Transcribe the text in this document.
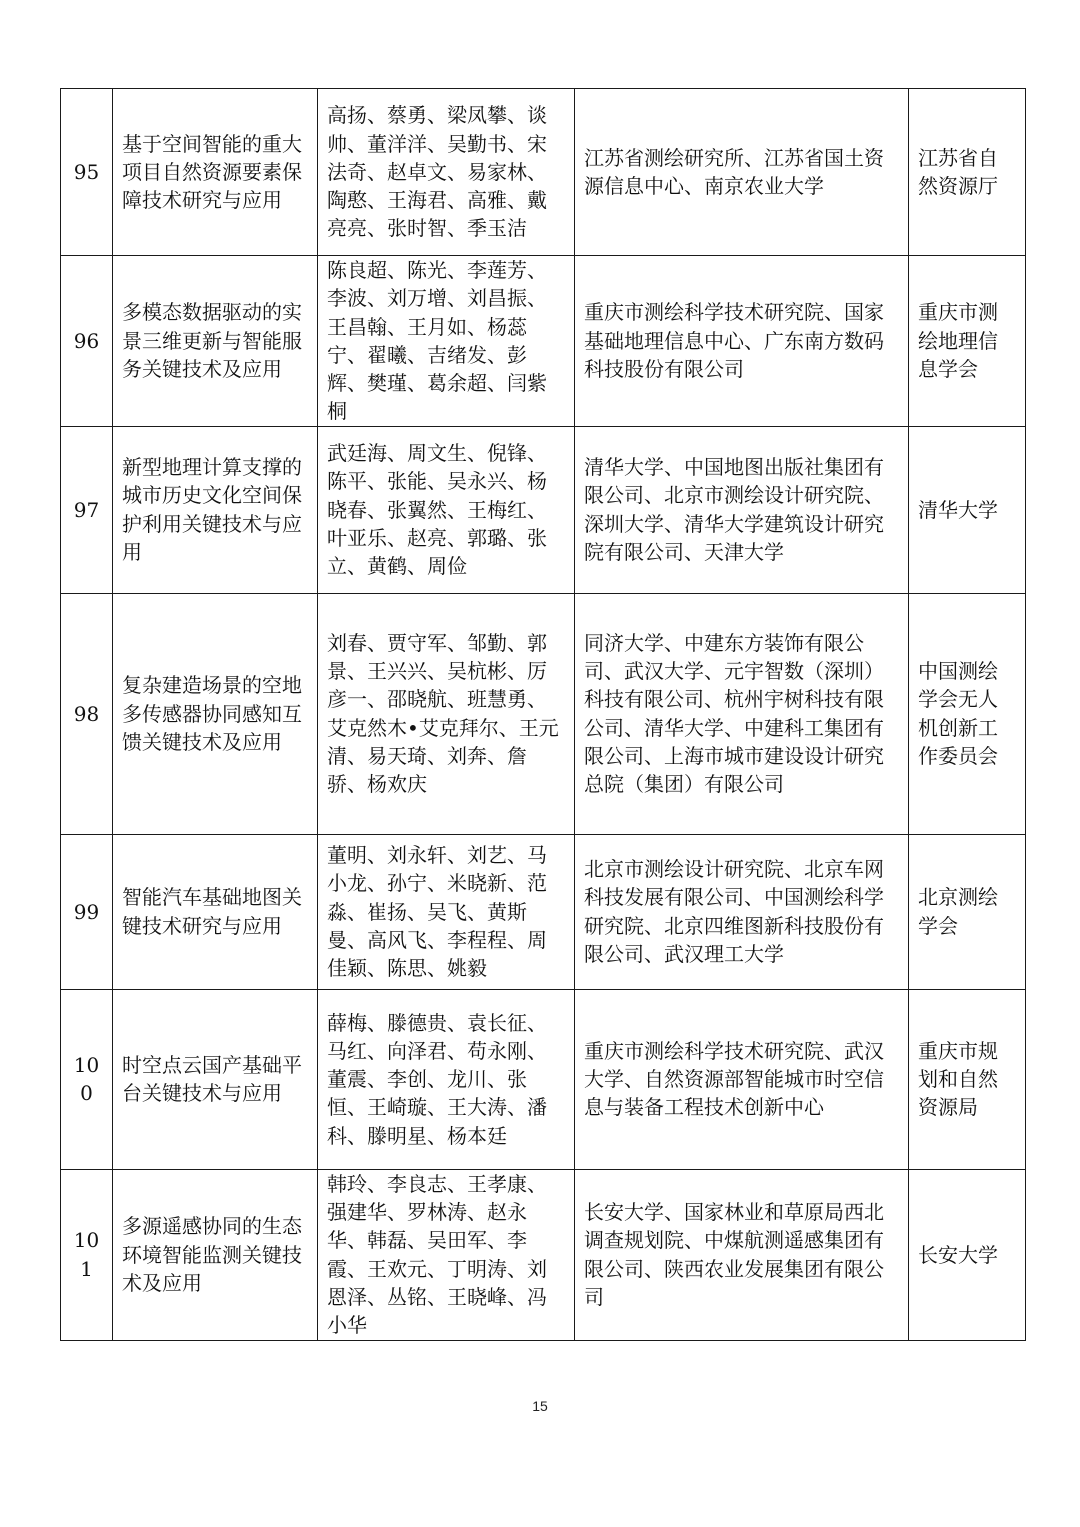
95	基于空间智能的重大项目自然资源要素保障技术研究与应用	高扬、蔡勇、梁凤攀、谈帅、董洋洋、吴勤书、宋法奇、赵卓文、易家林、陶憨、王海君、高雅、戴亮亮、张时智、季玉洁	江苏省测绘研究所、江苏省国土资源信息中心、南京农业大学	江苏省自然资源厅
96	多模态数据驱动的实景三维更新与智能服务关键技术及应用	陈良超、陈光、李莲芳、李波、刘万增、刘昌振、王昌翰、王月如、杨蕊宁、翟曦、吉绪发、彭辉、樊瑾、葛余超、闫紫桐	重庆市测绘科学技术研究院、国家基础地理信息中心、广东南方数码科技股份有限公司	重庆市测绘地理信息学会
97	新型地理计算支撑的城市历史文化空间保护利用关键技术与应用	武廷海、周文生、倪锋、陈平、张能、吴永兴、杨晓春、张翼然、王梅红、叶亚乐、赵亮、郭璐、张立、黄鹤、周俭	清华大学、中国地图出版社集团有限公司、北京市测绘设计研究院、深圳大学、清华大学建筑设计研究院有限公司、天津大学	清华大学
98	复杂建造场景的空地多传感器协同感知互馈关键技术及应用	刘春、贾守军、邹勤、郭景、王兴兴、吴杭彬、厉彦一、邵晓航、班慧勇、艾克然木•艾克拜尔、王元清、易天琦、刘奔、詹骄、杨欢庆	同济大学、中建东方装饰有限公司、武汉大学、元宇智数（深圳）科技有限公司、杭州宇树科技有限公司、清华大学、中建科工集团有限公司、上海市城市建设设计研究总院（集团）有限公司	中国测绘学会无人机创新工作委员会
99	智能汽车基础地图关键技术研究与应用	董明、刘永轩、刘艺、马小龙、孙宁、米晓新、范淼、崔扬、吴飞、黄斯曼、高风飞、李程程、周佳颖、陈思、姚毅	北京市测绘设计研究院、北京车网科技发展有限公司、中国测绘科学研究院、北京四维图新科技股份有限公司、武汉理工大学	北京测绘学会
100	时空点云国产基础平台关键技术与应用	薛梅、滕德贵、袁长征、马红、向泽君、苟永刚、董震、李创、龙川、张恒、王崎璇、王大涛、潘科、滕明星、杨本廷	重庆市测绘科学技术研究院、武汉大学、自然资源部智能城市时空信息与装备工程技术创新中心	重庆市规划和自然资源局
101	多源遥感协同的生态环境智能监测关键技术及应用	韩玲、李良志、王孝康、强建华、罗林涛、赵永华、韩磊、吴田军、李霞、王欢元、丁明涛、刘恩泽、丛铭、王晓峰、冯小华	长安大学、国家林业和草原局西北调查规划院、中煤航测遥感集团有限公司、陕西农业发展集团有限公司	长安大学
15
